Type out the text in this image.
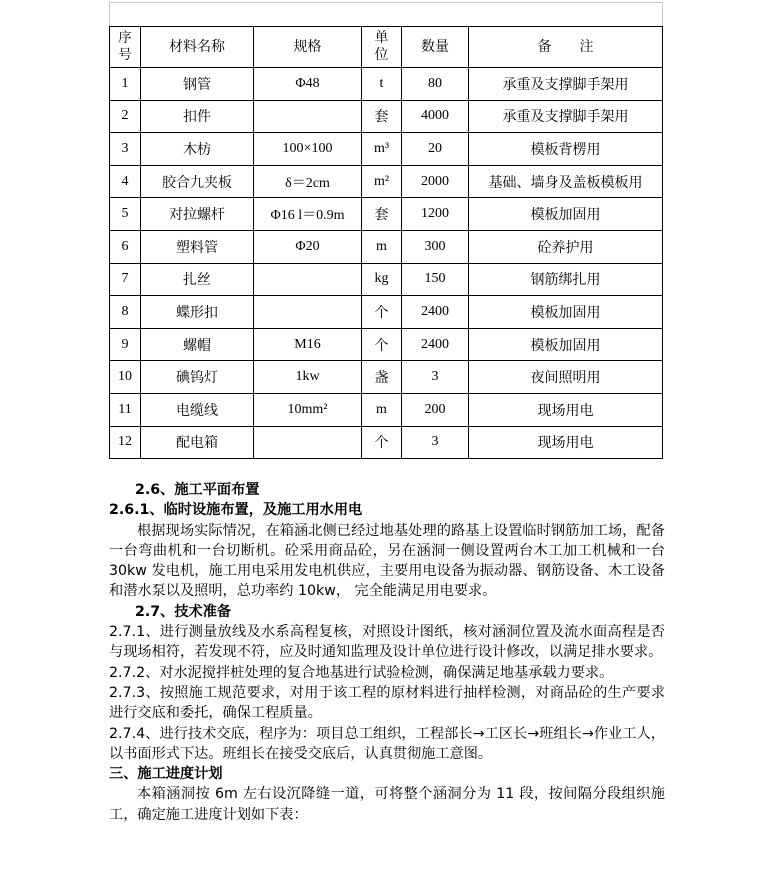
序号	材料名称	规格	单位	数量	备　　注
1	钢管	Φ48	t	80	承重及支撑脚手架用
2	扣件		套	4000	承重及支撑脚手架用
3	木枋	100×100	m³	20	模板背楞用
4	胶合九夹板	δ＝2cm	m²	2000	基础、墙身及盖板模板用
5	对拉螺杆	Φ16 l＝0.9m	套	1200	模板加固用
6	塑料管	Φ20	m	300	砼养护用
7	扎丝		kg	150	钢筋绑扎用
8	蝶形扣		个	2400	模板加固用
9	螺帽	M16	个	2400	模板加固用
10	碘钨灯	1kw	盏	3	夜间照明用
11	电缆线	10mm²	m	200	现场用电
12	配电箱		个	3	现场用电

2.6、施工平面布置

2.6.1、临时设施布置，及施工用水用电

根据现场实际情况，在箱涵北侧已经过地基处理的路基上设置临时钢筋加工场，配备一台弯曲机和一台切断机。砼采用商品砼，另在涵洞一侧设置两台木工加工机械和一台 30kw 发电机，施工用电采用发电机供应，主要用电设备为振动器、钢筋设备、木工设备和潜水泵以及照明，总功率约 10kw， 完全能满足用电要求。

2.7、技术准备

2.7.1、进行测量放线及水系高程复核，对照设计图纸，核对涵洞位置及流水面高程是否与现场相符，若发现不符，应及时通知监理及设计单位进行设计修改，以满足排水要求。

2.7.2、对水泥搅拌桩处理的复合地基进行试验检测，确保满足地基承载力要求。

2.7.3、按照施工规范要求，对用于该工程的原材料进行抽样检测，对商品砼的生产要求进行交底和委托，确保工程质量。

2.7.4、进行技术交底，程序为：项目总工组织，工程部长→工区长→班组长→作业工人，以书面形式下达。班组长在接受交底后，认真贯彻施工意图。

三、施工进度计划

本箱涵洞按 6m 左右设沉降缝一道，可将整个涵洞分为 11 段，按间隔分段组织施工，确定施工进度计划如下表：
